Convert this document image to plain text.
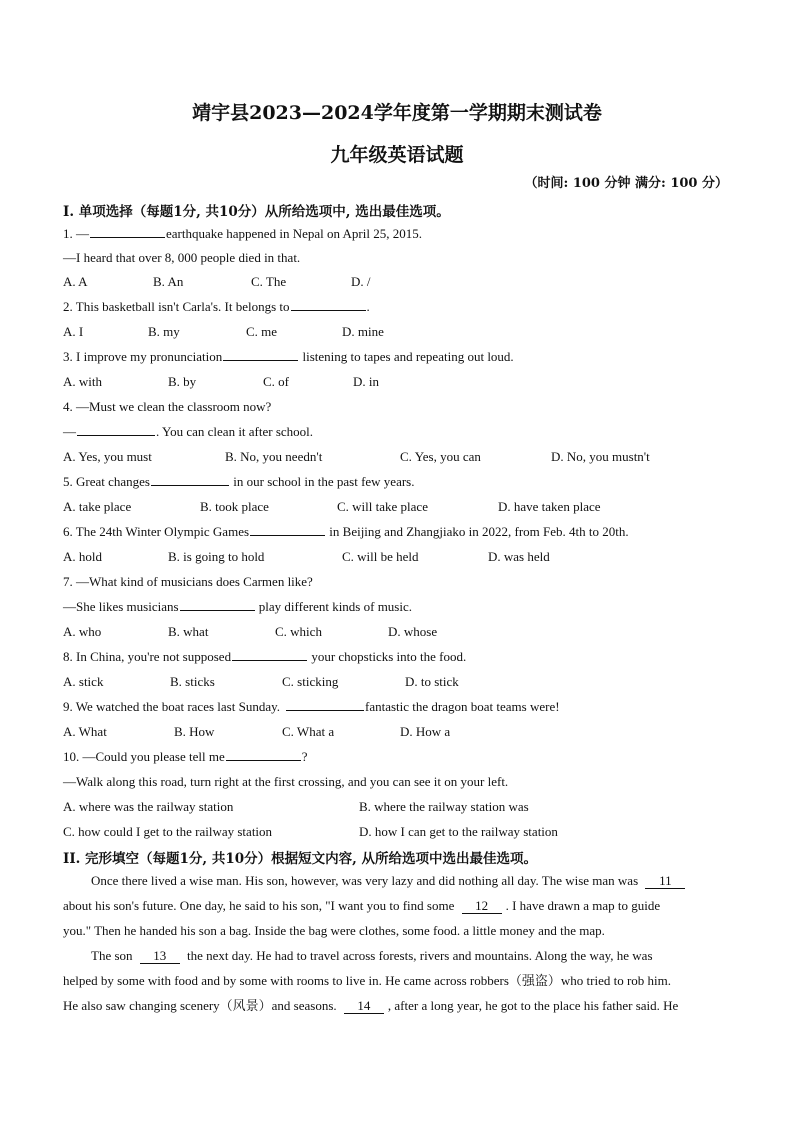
靖宇县2023—2024学年度第一学期期末测试卷
九年级英语试题
（时间: 100 分钟 满分: 100 分）
I. 单项选择（每题1分, 共10分）从所给选项中, 选出最佳选项。
1. —	earthquake happened in Nepal on April 25, 2015.
—I heard that over 8, 000 people died in that.
A. A	B. An	C. The	D. /
2. This basketball isn't Carla's. It belongs to	.
A. I	B. my	C. me	D. mine
3. I improve my pronunciation	listening to tapes and repeating out loud.
A. with	B. by	C. of	D. in
4. —Must we clean the classroom now?
—	. You can clean it after school.
A. Yes, you must	B. No, you needn't	C. Yes, you can	D. No, you mustn't
5. Great changes	in our school in the past few years.
A. take place	B. took place	C. will take place	D. have taken place
6. The 24th Winter Olympic Games	in Beijing and Zhangjiako in 2022, from Feb. 4th to 20th.
A. hold	B. is going to hold	C. will be held	D. was held
7. —What kind of musicians does Carmen like?
—She likes musicians	play different kinds of music.
A. who	B. what	C. which	D. whose
8. In China, you're not supposed	your chopsticks into the food.
A. stick	B. sticks	C. sticking	D. to stick
9. We watched the boat races last Sunday.	fantastic the dragon boat teams were!
A. What	B. How	C. What a	D. How a
10. —Could you please tell me	?
—Walk along this road, turn right at the first crossing, and you can see it on your left.
A. where was the railway station	B. where the railway station was
C. how could I get to the railway station	D. how I can get to the railway station
II. 完形填空（每题1分, 共10分）根据短文内容, 从所给选项中选出最佳选项。
Once there lived a wise man. His son, however, was very lazy and did nothing all day. The wise man was 11
about his son's future. One day, he said to his son, "I want you to find some 12 . I have drawn a map to guide
you." Then he handed his son a bag. Inside the bag were clothes, some food. a little money and the map.
The son 13 the next day. He had to travel across forests, rivers and mountains. Along the way, he was
helped by some with food and by some with rooms to live in. He came across robbers（强盗）who tried to rob him.
He also saw changing scenery（风景）and seasons. 14 , after a long year, he got to the place his father said. He
